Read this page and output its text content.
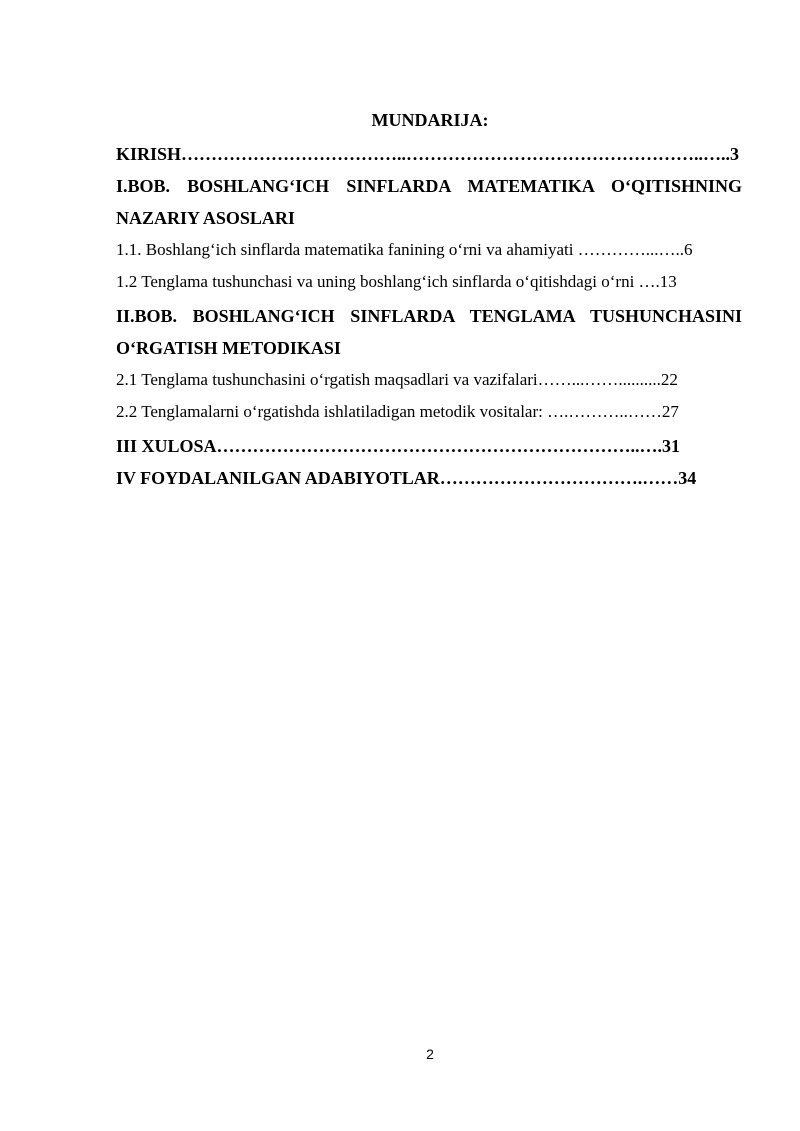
MUNDARIJA:
KIRISH………………………………..…………………………………………..…..3
I.BOB. BOSHLANG‘ICH SINFLARDA MATEMATIKA O‘QITISHNING
NAZARIY ASOSLARI
1.1. Boshlang‘ich sinflarda matematika fanining o‘rni va ahamiyati …………...…..6
1.2 Tenglama tushunchasi va uning boshlang‘ich sinflarda o‘qitishdagi o‘rni ….13
II.BOB. BOSHLANG‘ICH SINFLARDA TENGLAMA TUSHUNCHASINI
O‘RGATISH METODIKASI
2.1 Tenglama tushunchasini o‘rgatish maqsadlari va vazifalari……...……..........22
2.2 Tenglamalarni o‘rgatishda ishlatiladigan metodik vositalar: ….………..……27
III XULOSA……………………………………………………………..….31
IV FOYDALANILGAN ADABIYOTLAR…………………………….……34
2
